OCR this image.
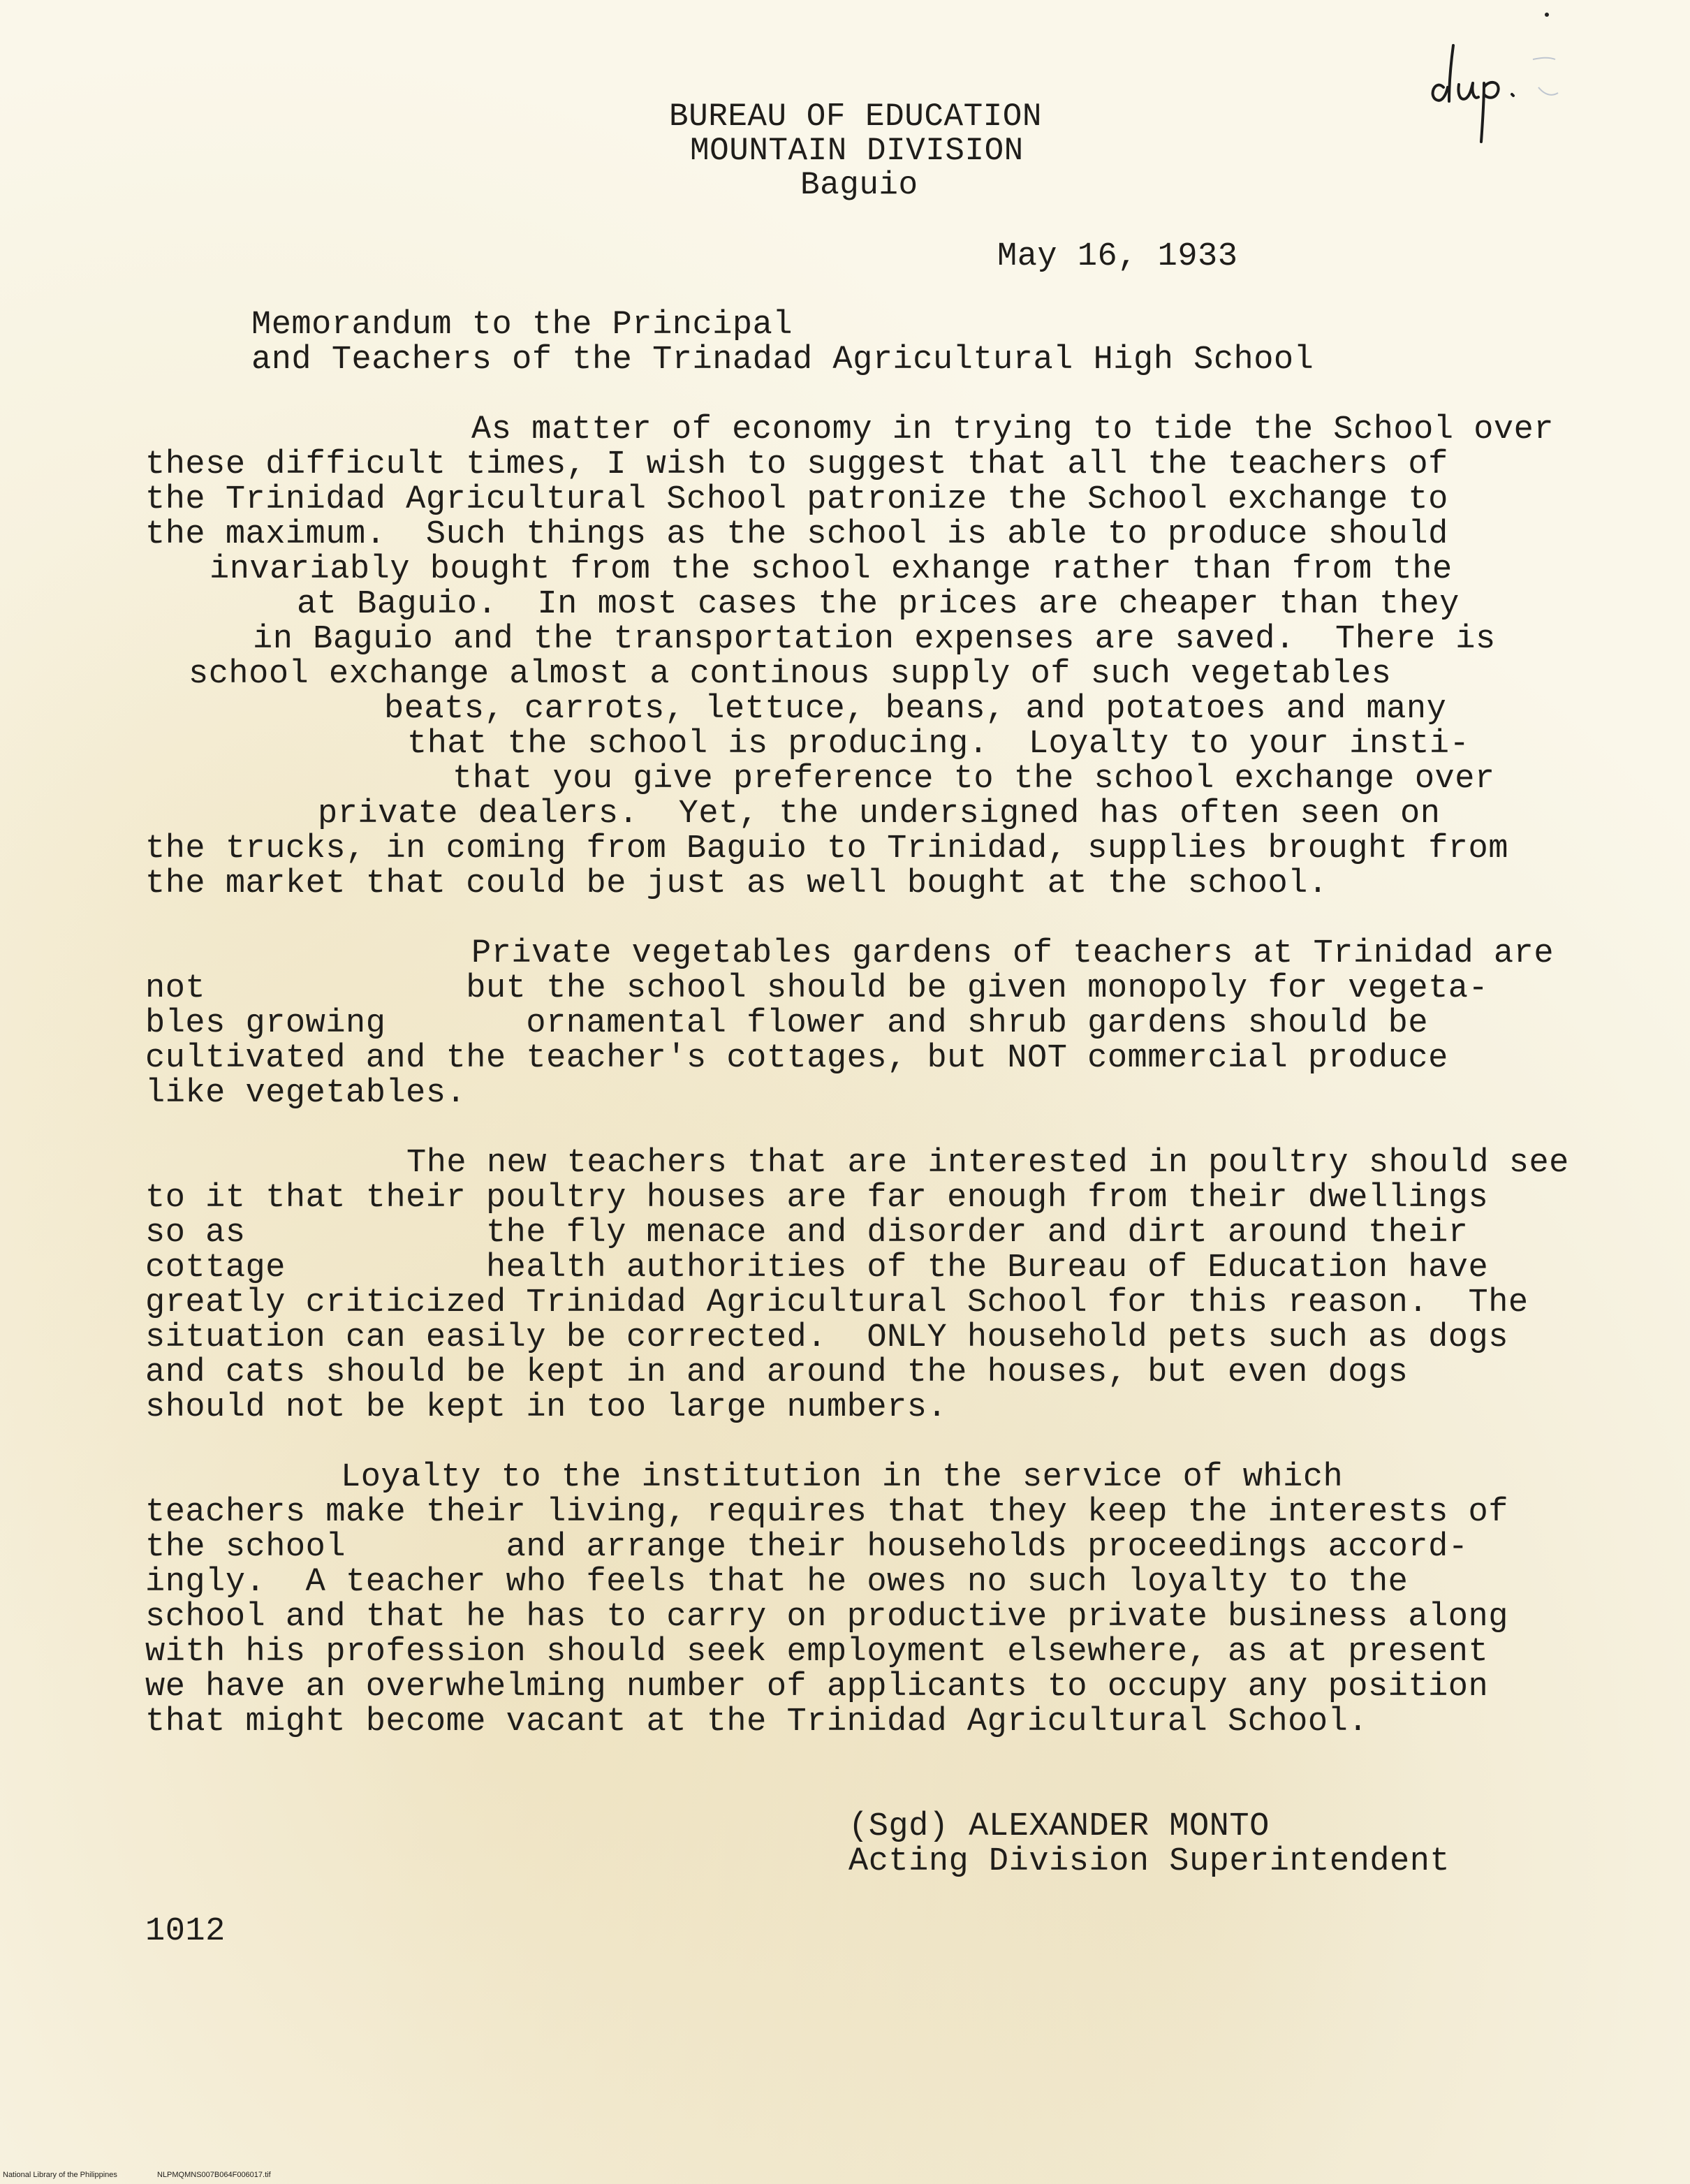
BUREAU OF EDUCATION
MOUNTAIN DIVISION
Baguio
May 16, 1933
Memorandum to the Principal
and Teachers of the Trinadad Agricultural High School
As matter of economy in trying to tide the School over
these difficult times, I wish to suggest that all the teachers of
the Trinidad Agricultural School patronize the School exchange to
the maximum.  Such things as the school is able to produce should
invariably bought from the school exhange rather than from the
at Baguio.  In most cases the prices are cheaper than they
in Baguio and the transportation expenses are saved.  There is
school exchange almost a continous supply of such vegetables
beats, carrots, lettuce, beans, and potatoes and many
that the school is producing.  Loyalty to your insti-
that you give preference to the school exchange over
private dealers.  Yet, the undersigned has often seen on
the trucks, in coming from Baguio to Trinidad, supplies brought from
the market that could be just as well bought at the school.
Private vegetables gardens of teachers at Trinidad are
not             but the school should be given monopoly for vegeta-
bles growing       ornamental flower and shrub gardens should be
cultivated and the teacher's cottages, but NOT commercial produce
like vegetables.
The new teachers that are interested in poultry should see
to it that their poultry houses are far enough from their dwellings
so as            the fly menace and disorder and dirt around their
cottage          health authorities of the Bureau of Education have
greatly criticized Trinidad Agricultural School for this reason.  The
situation can easily be corrected.  ONLY household pets such as dogs
and cats should be kept in and around the houses, but even dogs
should not be kept in too large numbers.
Loyalty to the institution in the service of which
teachers make their living, requires that they keep the interests of
the school        and arrange their households proceedings accord-
ingly.  A teacher who feels that he owes no such loyalty to the
school and that he has to carry on productive private business along
with his profession should seek employment elsewhere, as at present
we have an overwhelming number of applicants to occupy any position
that might become vacant at the Trinidad Agricultural School.
(Sgd) ALEXANDER MONTO
Acting Division Superintendent
1012
National Library of the Philippines	NLPMQMNS007B064F006017.tif
